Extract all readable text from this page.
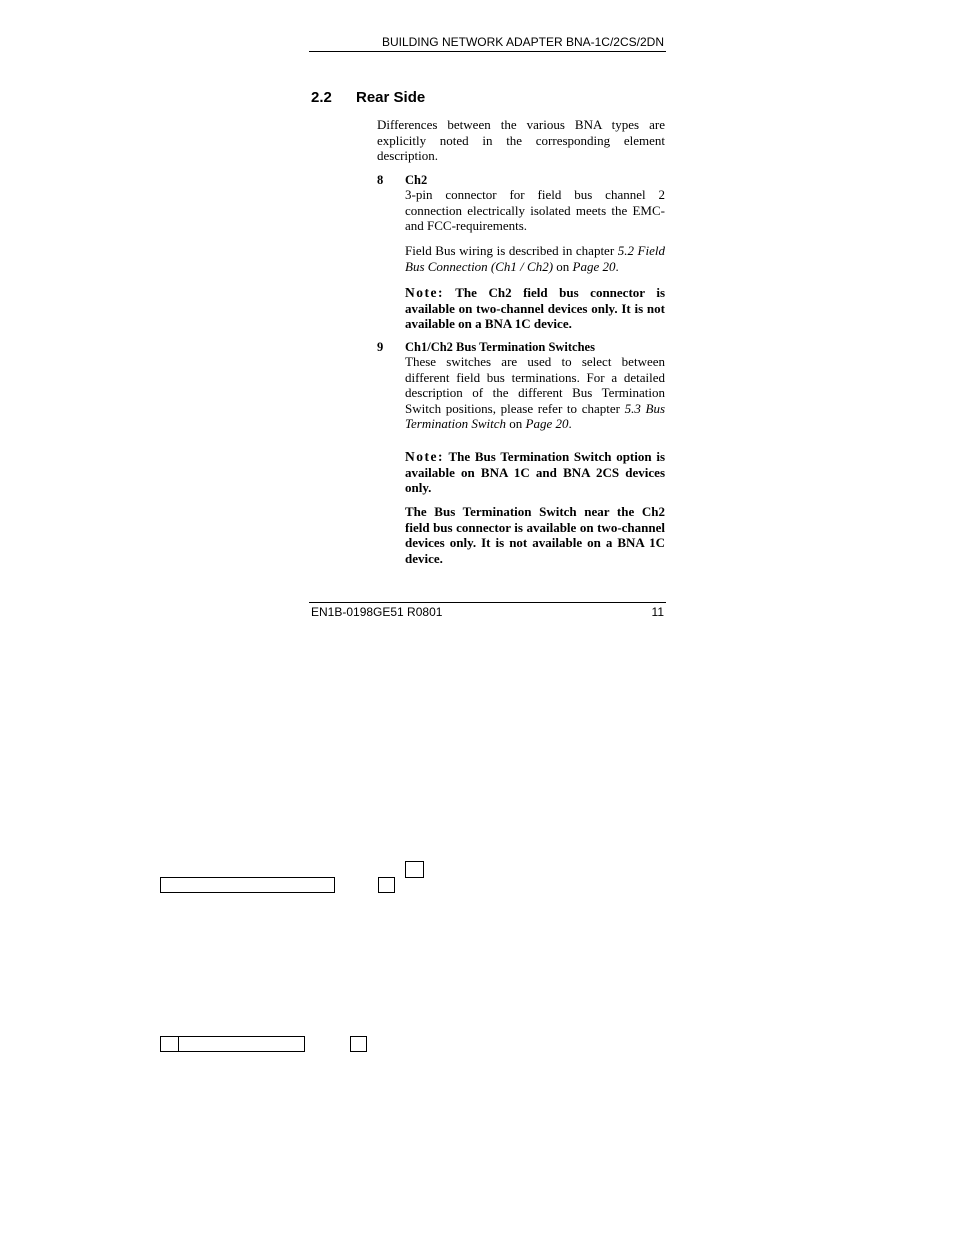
BUILDING NETWORK ADAPTER BNA-1C/2CS/2DN
2.2 Rear Side
Differences between the various BNA types are explicitly noted in the corresponding element description.
8 Ch2
3-pin connector for field bus channel 2 connection electrically isolated meets the EMC-and FCC-requirements.
Field Bus wiring is described in chapter 5.2 Field Bus Connection (Ch1 / Ch2) on Page 20.
Note: The Ch2 field bus connector is available on two-channel devices only. It is not available on a BNA 1C device.
9 Ch1/Ch2 Bus Termination Switches
These switches are used to select between different field bus terminations. For a detailed description of the different Bus Termination Switch positions, please refer to chapter 5.3 Bus Termination Switch on Page 20.
Note: The Bus Termination Switch option is available on BNA 1C and BNA 2CS devices only.
The Bus Termination Switch near the Ch2 field bus connector is available on two-channel devices only. It is not available on a BNA 1C device.
EN1B-0198GE51 R0801	11
